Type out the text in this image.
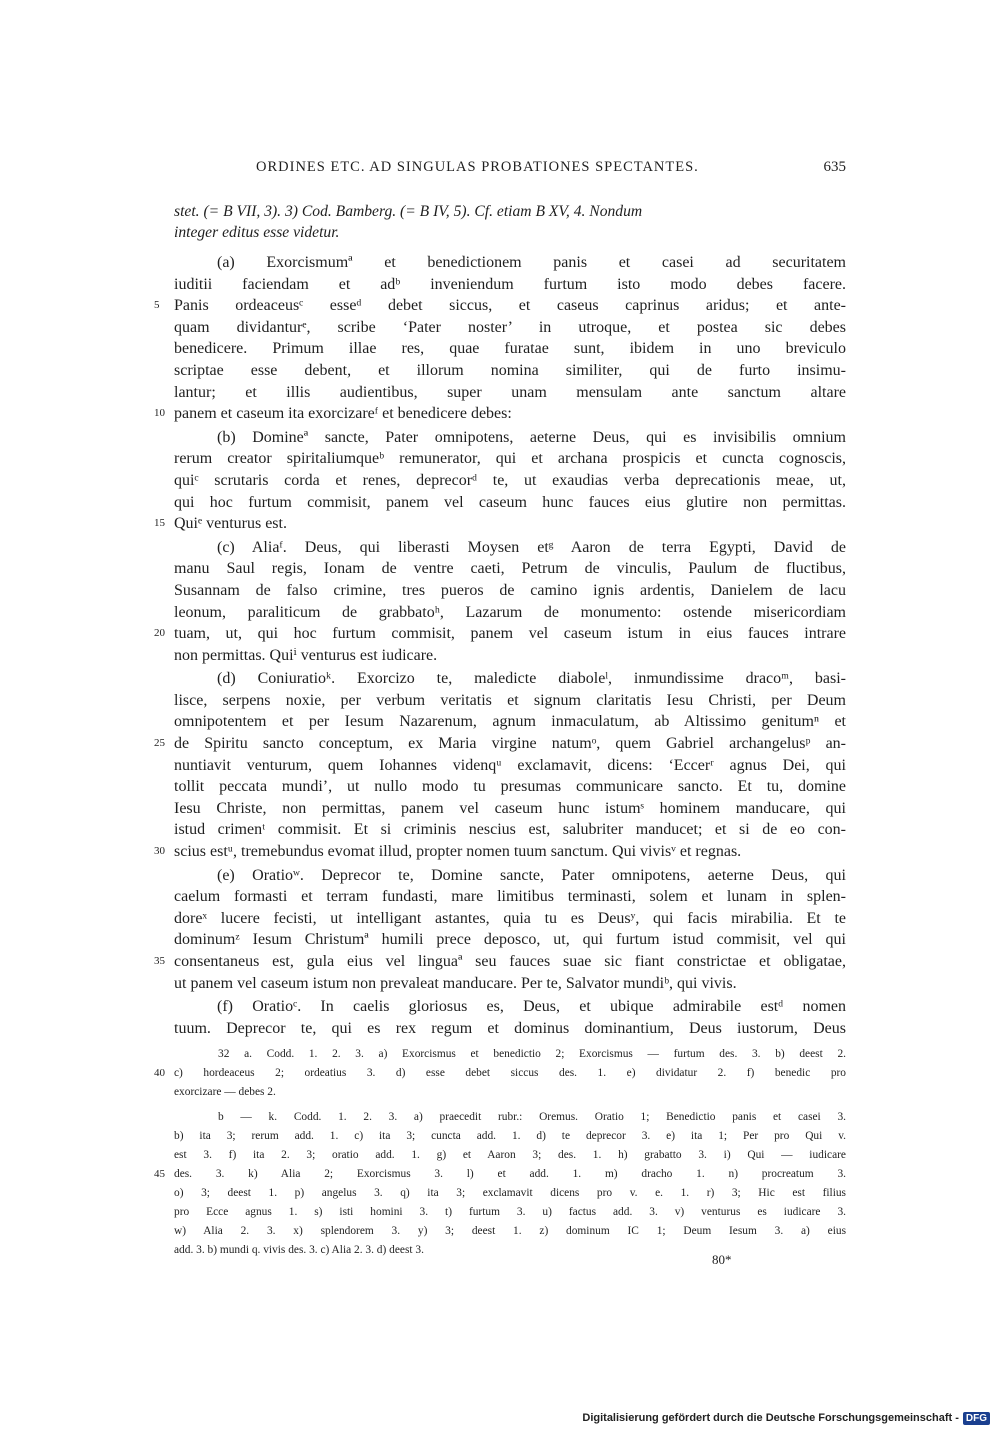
ORDINES ETC. AD SINGULAS PROBATIONES SPECTANTES.	635
stet. (= B VII, 3). 3) Cod. Bamberg. (= B IV, 5). Cf. etiam B XV, 4. Nondum
integer editus esse videtur.
(a) Exorcismumª et benedictionem panis et casei ad securitatem
iuditii faciendam et adᵇ inveniendum furtum isto modo debes facere.
5 Panis ordeaceusᶜ esseᵈ debet siccus, et caseus caprinus aridus; et ante-
quam dividanturᵉ, scribe ‘Pater noster’ in utroque, et postea sic debes
benedicere. Primum illae res, quae furatae sunt, ibidem in uno breviculo
scriptae esse debent, et illorum nomina similiter, qui de furto insimu-
lantur; et illis audientibus, super unam mensulam ante sanctum altare
10 panem et caseum ita exorcizareᶠ et benedicere debes:
(b) Domineª sancte, Pater omnipotens, aeterne Deus, qui es invisibilis omnium
rerum creator spiritaliumqueᵇ remunerator, qui et archana prospicis et cuncta cognoscis,
quiᶜ scrutaris corda et renes, deprecorᵈ te, ut exaudias verba deprecationis meae, ut,
qui hoc furtum commisit, panem vel caseum hunc fauces eius glutire non permittas.
15 Quiᵉ venturus est.
(c) Aliaᶠ. Deus, qui liberasti Moysen etᵍ Aaron de terra Egypti, David de
manu Saul regis, Ionam de ventre caeti, Petrum de vinculis, Paulum de fluctibus,
Susannam de falso crimine, tres pueros de camino ignis ardentis, Danielem de lacu
leonum, paraliticum de grabbatoʰ, Lazarum de monumento: ostende misericordiam
20 tuam, ut, qui hoc furtum commisit, panem vel caseum istum in eius fauces intrare
non permittas. Quiⁱ venturus est iudicare.
(d) Coniuratioᵏ. Exorcizo te, maledicte diaboleˡ, inmundissime dracoᵐ, basi-
lisce, serpens noxie, per verbum veritatis et signum claritatis Iesu Christi, per Deum
omnipotentem et per Iesum Nazarenum, agnum inmaculatum, ab Altissimo genitumⁿ et
25 de Spiritu sancto conceptum, ex Maria virgine natumᵒ, quem Gabriel archangelusᵖ an-
nuntiavit venturum, quem Iohannes videnqᵘ exclamavit, dicens: ‘Eccerʳ agnus Dei, qui
tollit peccata mundi’, ut nullo modo tu presumas communicare sancto. Et tu, domine
Iesu Christe, non permittas, panem vel caseum hunc istumˢ hominem manducare, qui
istud crimenᵗ commisit. Et si criminis nescius est, salubriter manducet; et si de eo con-
30 scius estᵘ, tremebundus evomat illud, propter nomen tuum sanctum. Qui vivisᵛ et regnas.
(e) Oratioʷ. Deprecor te, Domine sancte, Pater omnipotens, aeterne Deus, qui
caelum formasti et terram fundasti, mare limitibus terminasti, solem et lunam in splen-
doreˣ lucere fecisti, ut intelligant astantes, quia tu es Deusʸ, qui facis mirabilia. Et te
dominumᶻ Iesum Christumª humili prece deposco, ut, qui furtum istud commisit, vel qui
35 consentaneus est, gula eius vel linguaª seu fauces suae sic fiant constrictae et obligatae,
ut panem vel caseum istum non prevaleat manducare. Per te, Salvator mundiᵇ, qui vivis.
(f) Oratioᶜ. In caelis gloriosus es, Deus, et ubique admirabile estᵈ nomen
tuum. Deprecor te, qui es rex regum et dominus dominantium, Deus iustorum, Deus
32 a. Codd. 1. 2. 3. a) Exorcismus et benedictio 2; Exorcismus — furtum des. 3. b) deest 2.
40 c) hordeaceus 2; ordeatius 3. d) esse debet siccus des. 1. e) dividatur 2. f) benedic pro
exorcizare — debes 2.
b — k. Codd. 1. 2. 3. a) praecedit rubr.: Oremus. Oratio 1; Benedictio panis et casei 3.
b) ita 3; rerum add. 1. c) ita 3; cuncta add. 1. d) te deprecor 3. e) ita 1; Per pro Qui v.
est 3. f) ita 2. 3; oratio add. 1. g) et Aaron 3; des. 1. h) grabatto 3. i) Qui — iudicare
45 des. 3. k) Alia 2; Exorcismus 3. l) et add. 1. m) dracho 1. n) procreatum 3.
o) 3; deest 1. p) angelus 3. q) ita 3; exclamavit dicens pro v. e. 1. r) 3; Hic est filius
pro Ecce agnus 1. s) isti homini 3. t) furtum 3. u) factus add. 3. v) venturus es iudicare 3.
w) Alia 2. 3. x) splendorem 3. y) 3; deest 1. z) dominum IC 1; Deum Iesum 3. a) eius
add. 3. b) mundi q. vivis des. 3. c) Alia 2. 3. d) deest 3.
80*
Digitalisierung gefördert durch die Deutsche Forschungsgemeinschaft - DFG
